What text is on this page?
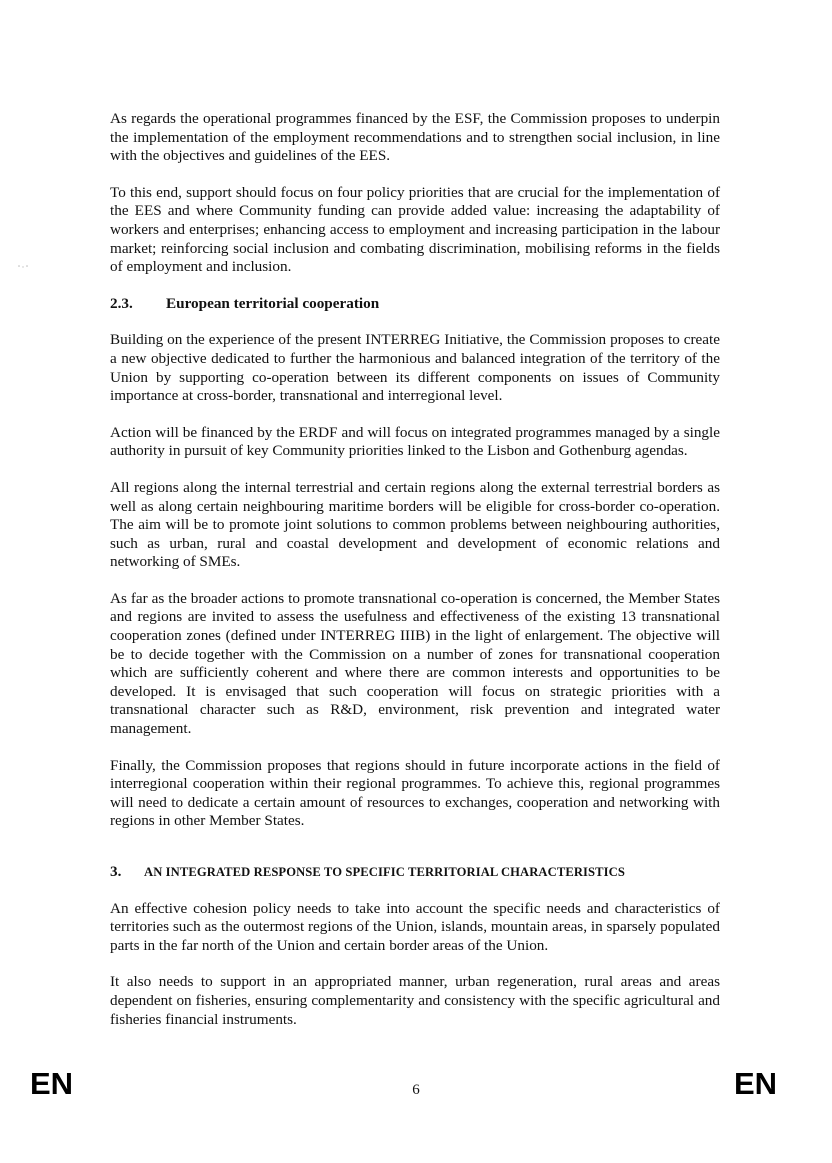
As regards the operational programmes financed by the ESF, the Commission proposes to underpin the implementation of the employment recommendations and to strengthen social inclusion, in line with the objectives and guidelines of the EES.

To this end, support should focus on four policy priorities that are crucial for the implementation of the EES and where Community funding can provide added value: increasing the adaptability of workers and enterprises; enhancing access to employment and increasing participation in the labour market; reinforcing social inclusion and combating discrimination, mobilising reforms in the fields of employment and inclusion.

2.3.	European territorial cooperation

Building on the experience of the present INTERREG Initiative, the Commission proposes to create a new objective dedicated to further the harmonious and balanced integration of the territory of the Union by supporting co-operation between its different components on issues of Community importance at cross-border, transnational and interregional level.

Action will be financed by the ERDF and will focus on integrated programmes managed by a single authority in pursuit of key Community priorities linked to the Lisbon and Gothenburg agendas.

All regions along the internal terrestrial and certain regions along the external terrestrial borders as well as along certain neighbouring maritime borders will be eligible for cross-border co-operation. The aim will be to promote joint solutions to common problems between neighbouring authorities, such as urban, rural and coastal development and development of economic relations and networking of SMEs.

As far as the broader actions to promote transnational co-operation is concerned, the Member States and regions are invited to assess the usefulness and effectiveness of the existing 13 transnational cooperation zones (defined under INTERREG IIIB) in the light of enlargement. The objective will be to decide together with the Commission on a number of zones for transnational cooperation which are sufficiently coherent and where there are common interests and opportunities to be developed. It is envisaged that such cooperation will focus on strategic priorities with a transnational character such as R&D, environment, risk prevention and integrated water management.

Finally, the Commission proposes that regions should in future incorporate actions in the field of interregional cooperation within their regional programmes. To achieve this, regional programmes will need to dedicate a certain amount of resources to exchanges, cooperation and networking with regions in other Member States.

3.	AN INTEGRATED RESPONSE TO SPECIFIC TERRITORIAL CHARACTERISTICS

An effective cohesion policy needs to take into account the specific needs and characteristics of territories such as the outermost regions of the Union, islands, mountain areas, in sparsely populated parts in the far north of the Union and certain border areas of the Union.

It also needs to support in an appropriated manner, urban regeneration, rural areas and areas dependent on fisheries, ensuring complementarity and consistency with the specific agricultural and fisheries financial instruments.

EN	6	EN
